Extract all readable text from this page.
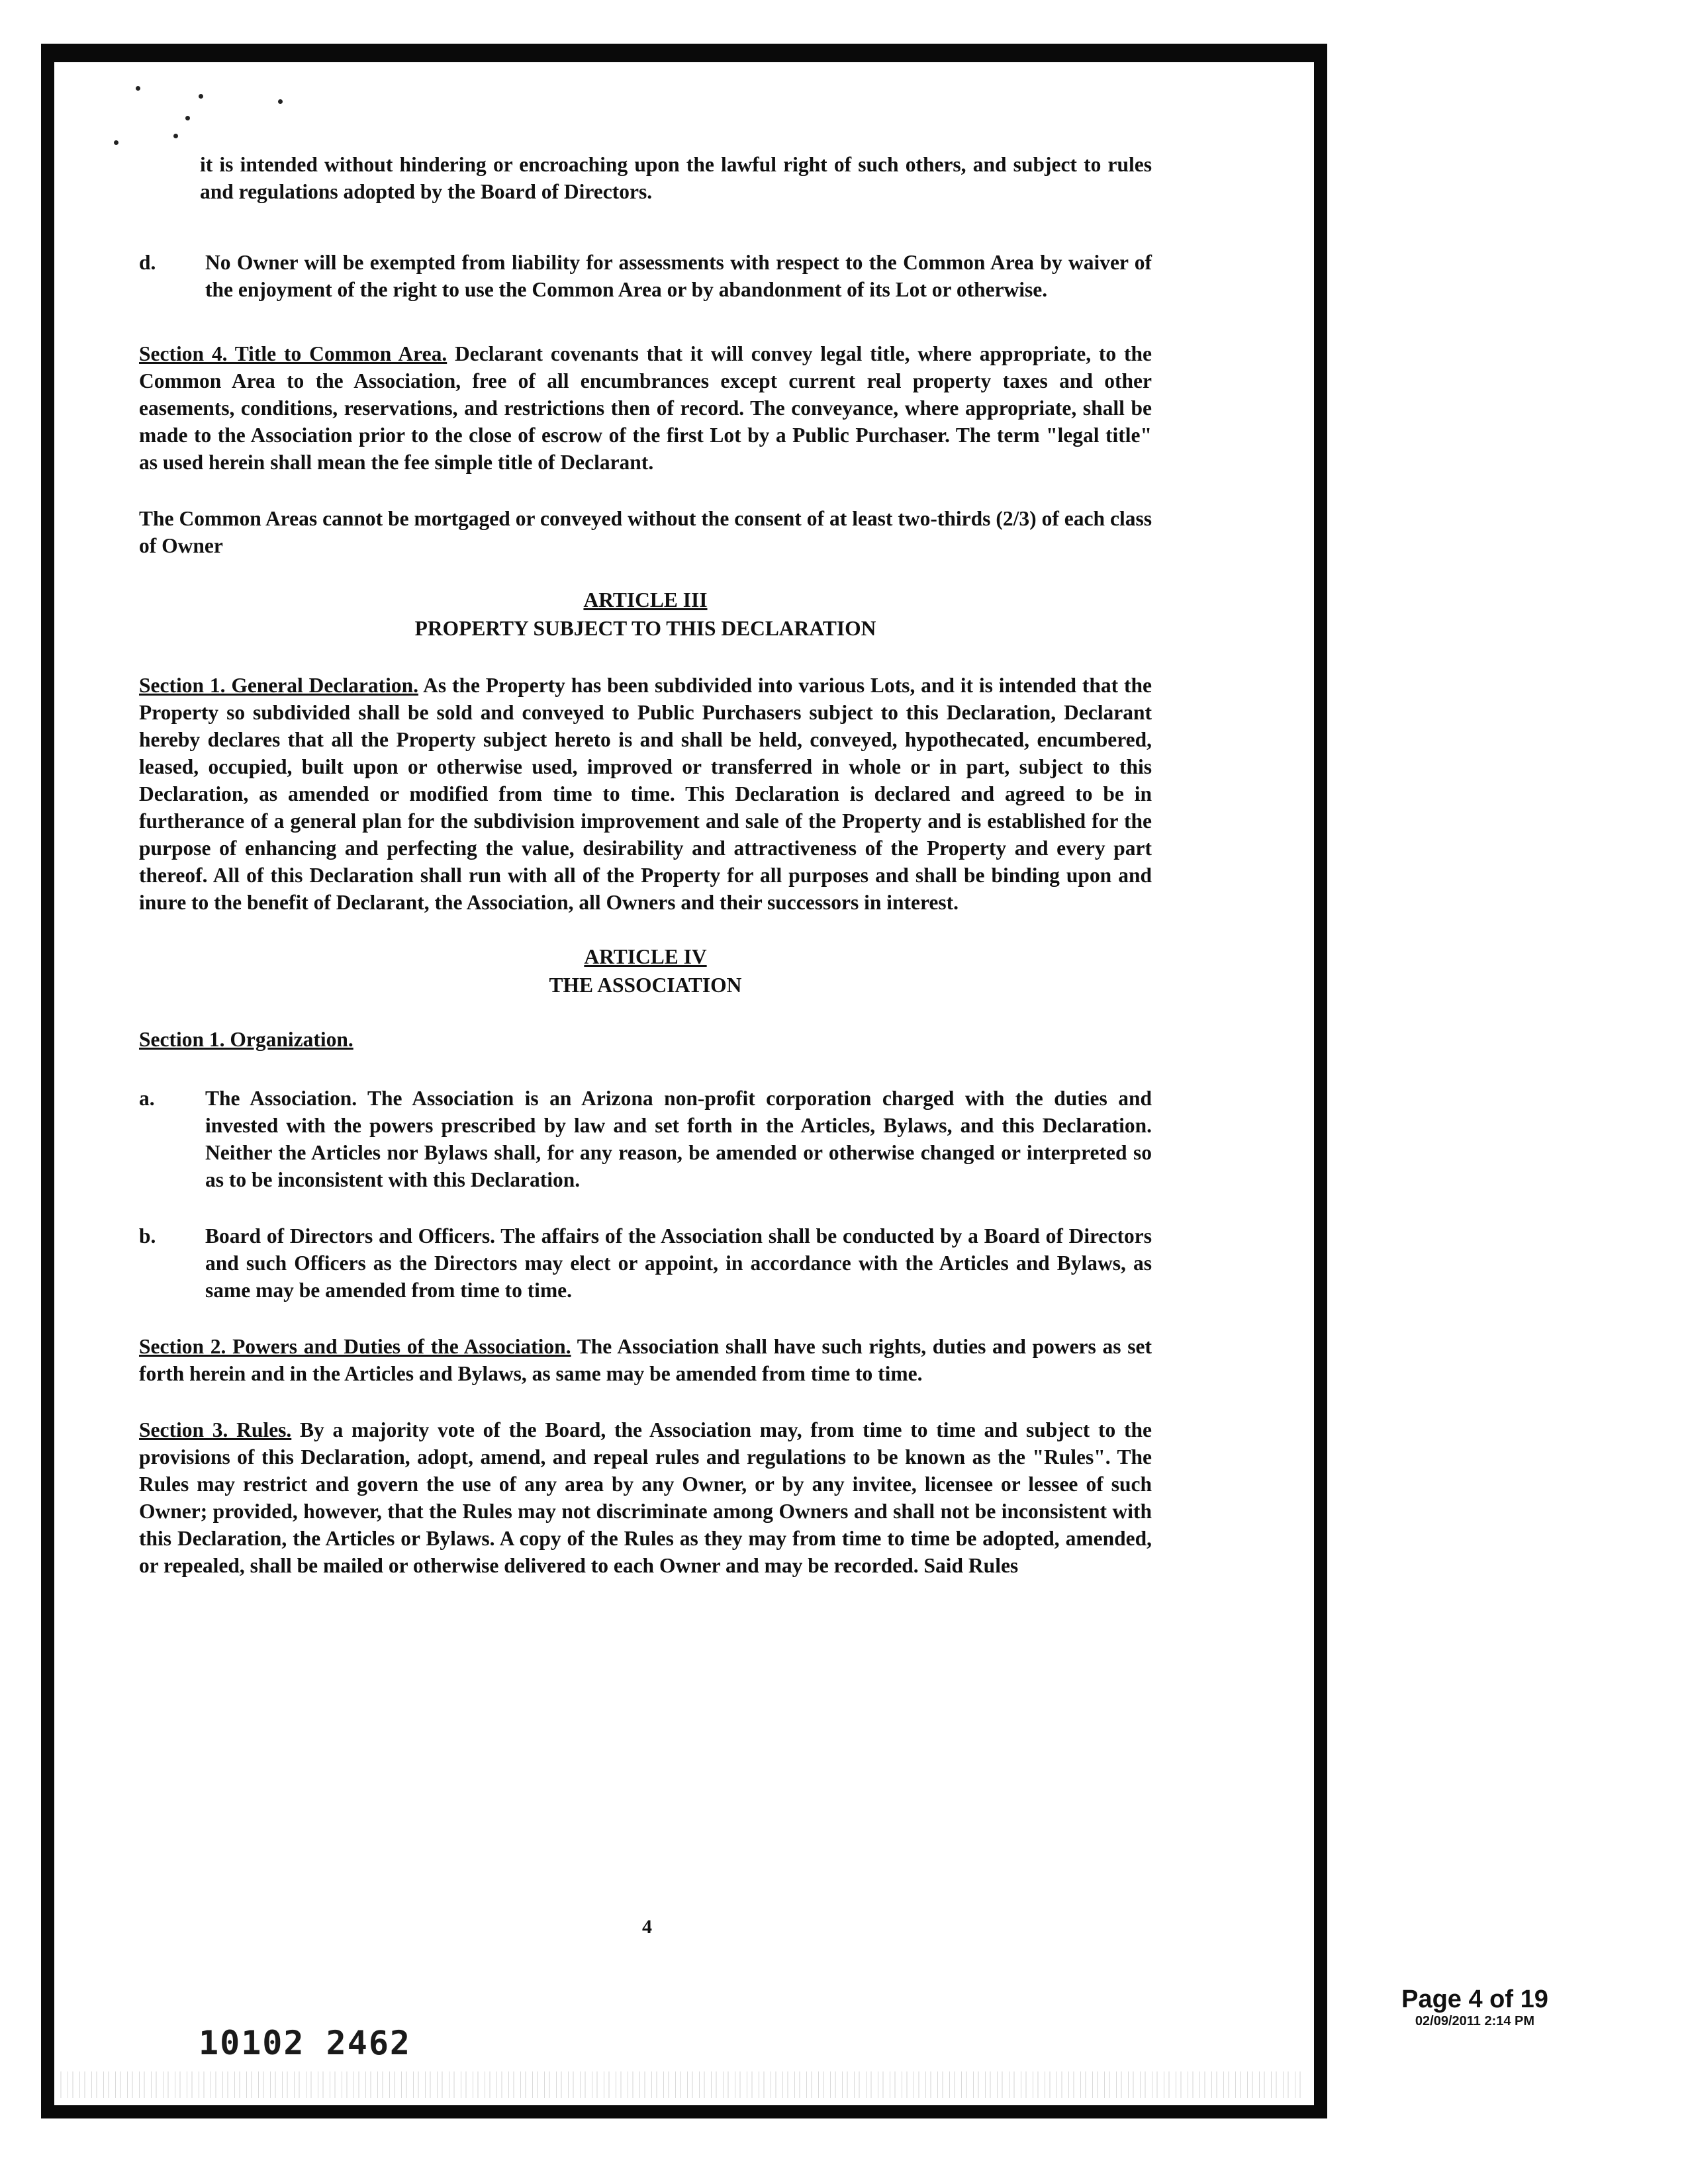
it is intended without hindering or encroaching upon the lawful right of such others, and subject to rules and regulations adopted by the Board of Directors.

d.	No Owner will be exempted from liability for assessments with respect to the Common Area by waiver of the enjoyment of the right to use the Common Area or by abandonment of its Lot or otherwise.

Section 4. Title to Common Area. Declarant covenants that it will convey legal title, where appropriate, to the Common Area to the Association, free of all encumbrances except current real property taxes and other easements, conditions, reservations, and restrictions then of record. The conveyance, where appropriate, shall be made to the Association prior to the close of escrow of the first Lot by a Public Purchaser. The term "legal title" as used herein shall mean the fee simple title of Declarant.

The Common Areas cannot be mortgaged or conveyed without the consent of at least two-thirds (2/3) of each class of Owner

ARTICLE III
PROPERTY SUBJECT TO THIS DECLARATION

Section 1. General Declaration. As the Property has been subdivided into various Lots, and it is intended that the Property so subdivided shall be sold and conveyed to Public Purchasers subject to this Declaration, Declarant hereby declares that all the Property subject hereto is and shall be held, conveyed, hypothecated, encumbered, leased, occupied, built upon or otherwise used, improved or transferred in whole or in part, subject to this Declaration, as amended or modified from time to time. This Declaration is declared and agreed to be in furtherance of a general plan for the subdivision improvement and sale of the Property and is established for the purpose of enhancing and perfecting the value, desirability and attractiveness of the Property and every part thereof. All of this Declaration shall run with all of the Property for all purposes and shall be binding upon and inure to the benefit of Declarant, the Association, all Owners and their successors in interest.

ARTICLE IV
THE ASSOCIATION

Section 1. Organization.

a.	The Association. The Association is an Arizona non-profit corporation charged with the duties and invested with the powers prescribed by law and set forth in the Articles, Bylaws, and this Declaration. Neither the Articles nor Bylaws shall, for any reason, be amended or otherwise changed or interpreted so as to be inconsistent with this Declaration.
b.	Board of Directors and Officers. The affairs of the Association shall be conducted by a Board of Directors and such Officers as the Directors may elect or appoint, in accordance with the Articles and Bylaws, as same may be amended from time to time.

Section 2. Powers and Duties of the Association. The Association shall have such rights, duties and powers as set forth herein and in the Articles and Bylaws, as same may be amended from time to time.

Section 3. Rules. By a majority vote of the Board, the Association may, from time to time and subject to the provisions of this Declaration, adopt, amend, and repeal rules and regulations to be known as the "Rules". The Rules may restrict and govern the use of any area by any Owner, or by any invitee, licensee or lessee of such Owner; provided, however, that the Rules may not discriminate among Owners and shall not be inconsistent with this Declaration, the Articles or Bylaws. A copy of the Rules as they may from time to time be adopted, amended, or repealed, shall be mailed or otherwise delivered to each Owner and may be recorded. Said Rules

4
10102 2462
Page 4 of 19
02/09/2011 2:14 PM
